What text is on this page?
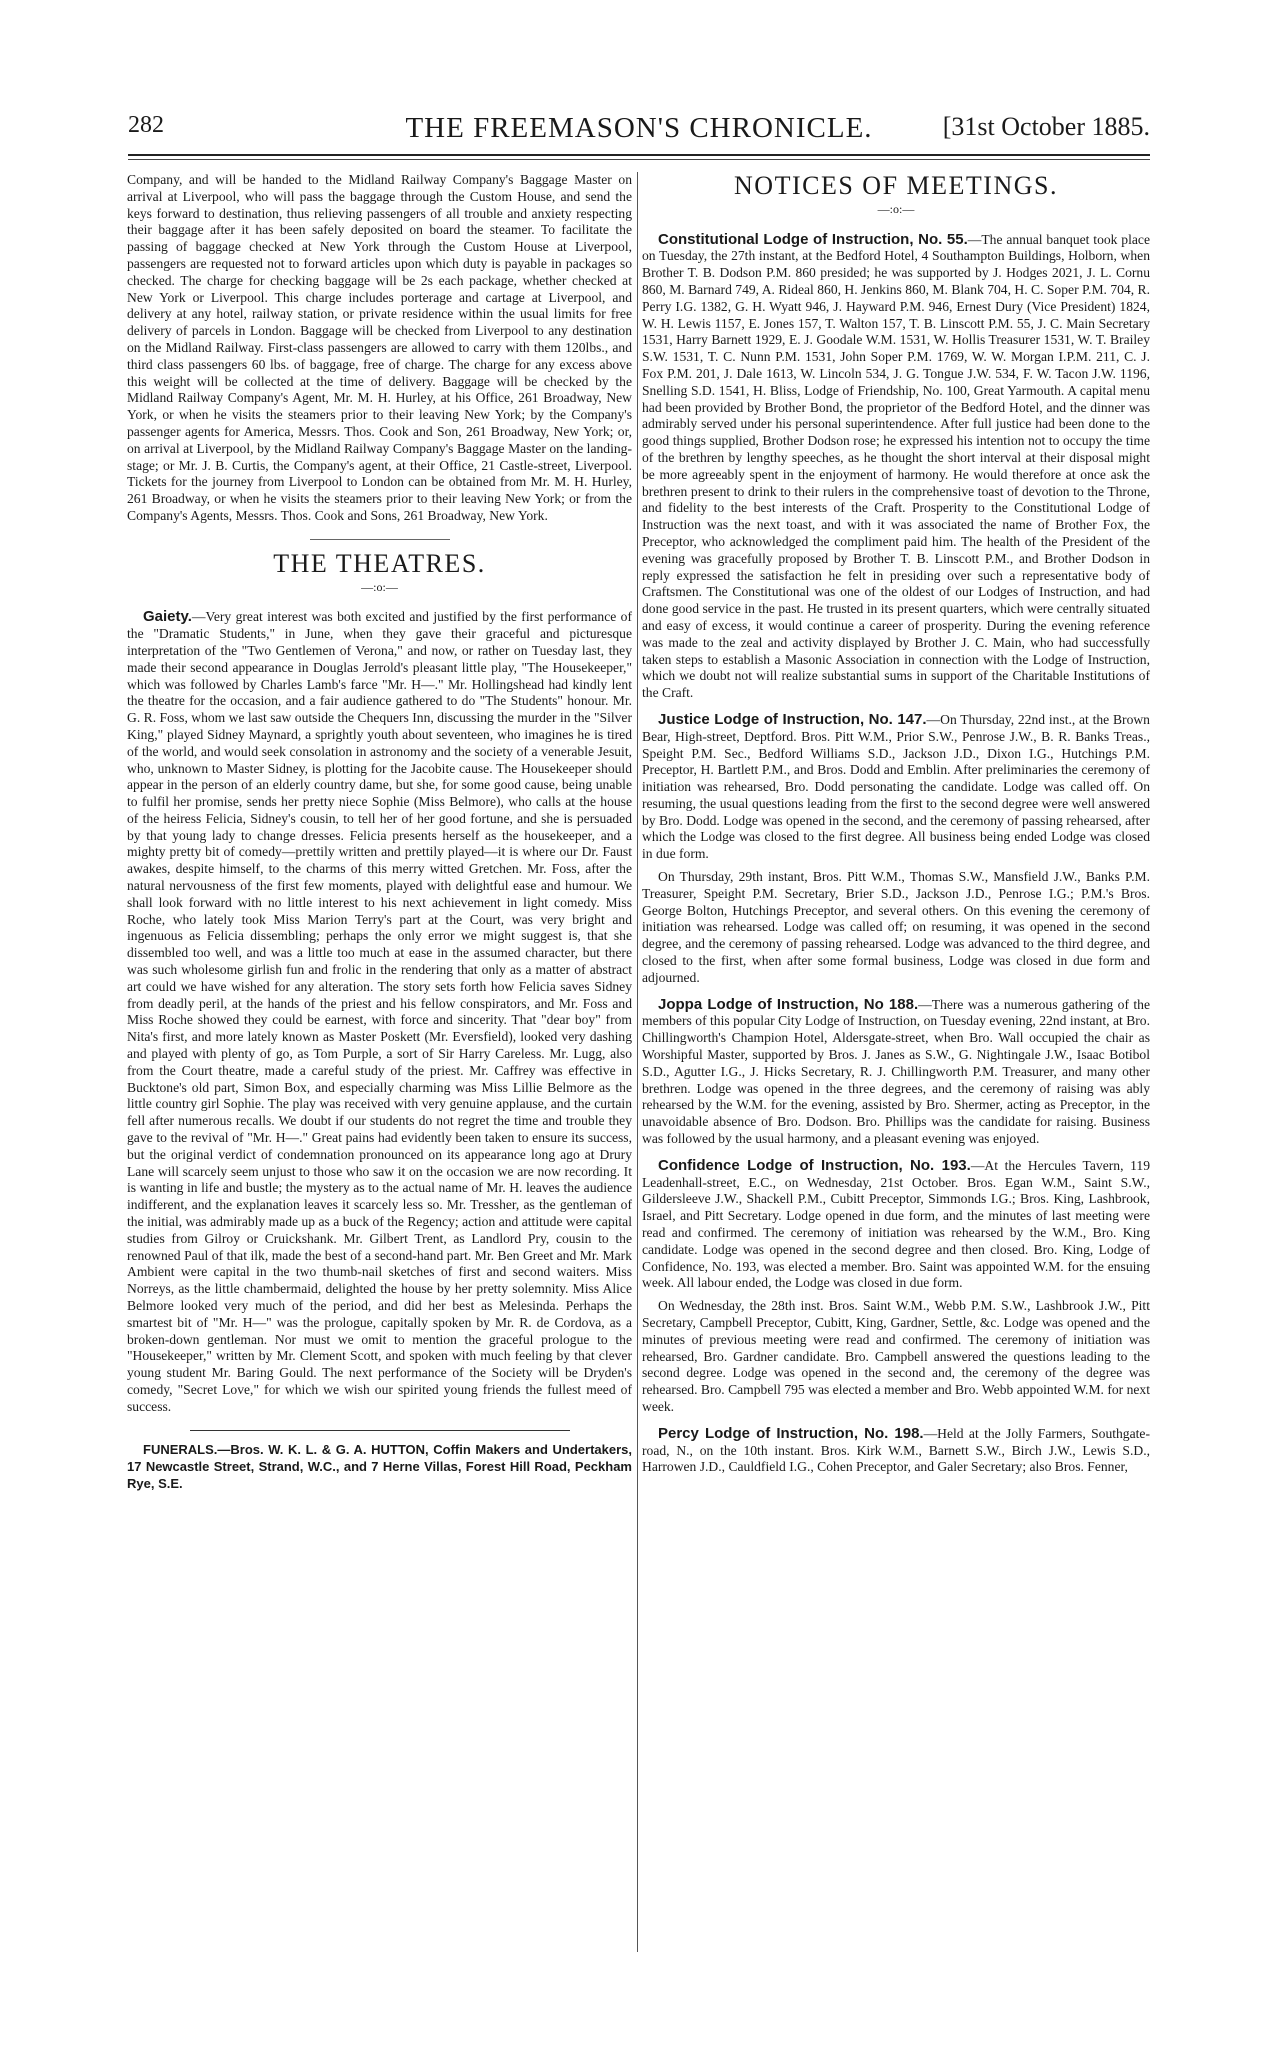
282	THE FREEMASON'S CHRONICLE.	[31st October 1885.

Company, and will be handed to the Midland Railway Company's Baggage Master on arrival at Liverpool, who will pass the baggage through the Custom House, and send the keys forward to destination, thus relieving passengers of all trouble and anxiety respecting their baggage after it has been safely deposited on board the steamer. To facilitate the passing of baggage checked at New York through the Custom House at Liverpool, passengers are requested not to forward articles upon which duty is payable in packages so checked. The charge for checking baggage will be 2s each package, whether checked at New York or Liverpool. This charge includes porterage and cartage at Liverpool, and delivery at any hotel, railway station, or private residence within the usual limits for free delivery of parcels in London. Baggage will be checked from Liverpool to any destination on the Midland Railway. First-class passengers are allowed to carry with them 120lbs., and third class passengers 60 lbs. of baggage, free of charge. The charge for any excess above this weight will be collected at the time of delivery. Baggage will be checked by the Midland Railway Company's Agent, Mr. M. H. Hurley, at his Office, 261 Broadway, New York, or when he visits the steamers prior to their leaving New York; by the Company's passenger agents for America, Messrs. Thos. Cook and Son, 261 Broadway, New York; or, on arrival at Liverpool, by the Midland Railway Company's Baggage Master on the landing-stage; or Mr. J. B. Curtis, the Company's agent, at their Office, 21 Castle-street, Liverpool. Tickets for the journey from Liverpool to London can be obtained from Mr. M. H. Hurley, 261 Broadway, or when he visits the steamers prior to their leaving New York; or from the Company's Agents, Messrs. Thos. Cook and Sons, 261 Broadway, New York.

THE THEATRES.
—:o:—

Gaiety.—Very great interest was both excited and justified by the first performance of the "Dramatic Students," in June, when they gave their graceful and picturesque interpretation of the "Two Gentlemen of Verona," and now, or rather on Tuesday last, they made their second appearance in Douglas Jerrold's pleasant little play, "The Housekeeper," which was followed by Charles Lamb's farce "Mr. H—." Mr. Hollingshead had kindly lent the theatre for the occasion, and a fair audience gathered to do "The Students" honour. Mr. G. R. Foss, whom we last saw outside the Chequers Inn, discussing the murder in the "Silver King," played Sidney Maynard, a sprightly youth about seventeen, who imagines he is tired of the world, and would seek consolation in astronomy and the society of a venerable Jesuit, who, unknown to Master Sidney, is plotting for the Jacobite cause. The Housekeeper should appear in the person of an elderly country dame, but she, for some good cause, being unable to fulfil her promise, sends her pretty niece Sophie (Miss Belmore), who calls at the house of the heiress Felicia, Sidney's cousin, to tell her of her good fortune, and she is persuaded by that young lady to change dresses. Felicia presents herself as the housekeeper, and a mighty pretty bit of comedy—prettily written and prettily played—it is where our Dr. Faust awakes, despite himself, to the charms of this merry witted Gretchen. Mr. Foss, after the natural nervousness of the first few moments, played with delightful ease and humour. We shall look forward with no little interest to his next achievement in light comedy. Miss Roche, who lately took Miss Marion Terry's part at the Court, was very bright and ingenuous as Felicia dissembling; perhaps the only error we might suggest is, that she dissembled too well, and was a little too much at ease in the assumed character, but there was such wholesome girlish fun and frolic in the rendering that only as a matter of abstract art could we have wished for any alteration. The story sets forth how Felicia saves Sidney from deadly peril, at the hands of the priest and his fellow conspirators, and Mr. Foss and Miss Roche showed they could be earnest, with force and sincerity. That "dear boy" from Nita's first, and more lately known as Master Poskett (Mr. Eversfield), looked very dashing and played with plenty of go, as Tom Purple, a sort of Sir Harry Careless. Mr. Lugg, also from the Court theatre, made a careful study of the priest. Mr. Caffrey was effective in Bucktone's old part, Simon Box, and especially charming was Miss Lillie Belmore as the little country girl Sophie. The play was received with very genuine applause, and the curtain fell after numerous recalls. We doubt if our students do not regret the time and trouble they gave to the revival of "Mr. H—." Great pains had evidently been taken to ensure its success, but the original verdict of condemnation pronounced on its appearance long ago at Drury Lane will scarcely seem unjust to those who saw it on the occasion we are now recording. It is wanting in life and bustle; the mystery as to the actual name of Mr. H. leaves the audience indifferent, and the explanation leaves it scarcely less so. Mr. Tressher, as the gentleman of the initial, was admirably made up as a buck of the Regency; action and attitude were capital studies from Gilroy or Cruickshank. Mr. Gilbert Trent, as Landlord Pry, cousin to the renowned Paul of that ilk, made the best of a second-hand part. Mr. Ben Greet and Mr. Mark Ambient were capital in the two thumb-nail sketches of first and second waiters. Miss Norreys, as the little chambermaid, delighted the house by her pretty solemnity. Miss Alice Belmore looked very much of the period, and did her best as Melesinda. Perhaps the smartest bit of "Mr. H—" was the prologue, capitally spoken by Mr. R. de Cordova, as a broken-down gentleman. Nor must we omit to mention the graceful prologue to the "Housekeeper," written by Mr. Clement Scott, and spoken with much feeling by that clever young student Mr. Baring Gould. The next performance of the Society will be Dryden's comedy, "Secret Love," for which we wish our spirited young friends the fullest meed of success.

FUNERALS.—Bros. W. K. L. & G. A. HUTTON, Coffin Makers and Undertakers, 17 Newcastle Street, Strand, W.C., and 7 Herne Villas, Forest Hill Road, Peckham Rye, S.E.

NOTICES OF MEETINGS.
—:o:—

Constitutional Lodge of Instruction, No. 55.—The annual banquet took place on Tuesday, the 27th instant, at the Bedford Hotel, 4 Southampton Buildings, Holborn, when Brother T. B. Dodson P.M. 860 presided; he was supported by J. Hodges 2021, J. L. Cornu 860, M. Barnard 749, A. Rideal 860, H. Jenkins 860, M. Blank 704, H. C. Soper P.M. 704, R. Perry I.G. 1382, G. H. Wyatt 946, J. Hayward P.M. 946, Ernest Dury (Vice President) 1824, W. H. Lewis 1157, E. Jones 157, T. Walton 157, T. B. Linscott P.M. 55, J. C. Main Secretary 1531, Harry Barnett 1929, E. J. Goodale W.M. 1531, W. Hollis Treasurer 1531, W. T. Brailey S.W. 1531, T. C. Nunn P.M. 1531, John Soper P.M. 1769, W. W. Morgan I.P.M. 211, C. J. Fox P.M. 201, J. Dale 1613, W. Lincoln 534, J. G. Tongue J.W. 534, F. W. Tacon J.W. 1196, Snelling S.D. 1541, H. Bliss, Lodge of Friendship, No. 100, Great Yarmouth. A capital menu had been provided by Brother Bond, the proprietor of the Bedford Hotel, and the dinner was admirably served under his personal superintendence. After full justice had been done to the good things supplied, Brother Dodson rose; he expressed his intention not to occupy the time of the brethren by lengthy speeches, as he thought the short interval at their disposal might be more agreeably spent in the enjoyment of harmony. He would therefore at once ask the brethren present to drink to their rulers in the comprehensive toast of devotion to the Throne, and fidelity to the best interests of the Craft. Prosperity to the Constitutional Lodge of Instruction was the next toast, and with it was associated the name of Brother Fox, the Preceptor, who acknowledged the compliment paid him. The health of the President of the evening was gracefully proposed by Brother T. B. Linscott P.M., and Brother Dodson in reply expressed the satisfaction he felt in presiding over such a representative body of Craftsmen. The Constitutional was one of the oldest of our Lodges of Instruction, and had done good service in the past. He trusted in its present quarters, which were centrally situated and easy of excess, it would continue a career of prosperity. During the evening reference was made to the zeal and activity displayed by Brother J. C. Main, who had successfully taken steps to establish a Masonic Association in connection with the Lodge of Instruction, which we doubt not will realize substantial sums in support of the Charitable Institutions of the Craft.

Justice Lodge of Instruction, No. 147.—On Thursday, 22nd inst., at the Brown Bear, High-street, Deptford. Bros. Pitt W.M., Prior S.W., Penrose J.W., B. R. Banks Treas., Speight P.M. Sec., Bedford Williams S.D., Jackson J.D., Dixon I.G., Hutchings P.M. Preceptor, H. Bartlett P.M., and Bros. Dodd and Emblin. After preliminaries the ceremony of initiation was rehearsed, Bro. Dodd personating the candidate. Lodge was called off. On resuming, the usual questions leading from the first to the second degree were well answered by Bro. Dodd. Lodge was opened in the second, and the ceremony of passing rehearsed, after which the Lodge was closed to the first degree. All business being ended Lodge was closed in due form.

On Thursday, 29th instant, Bros. Pitt W.M., Thomas S.W., Mansfield J.W., Banks P.M. Treasurer, Speight P.M. Secretary, Brier S.D., Jackson J.D., Penrose I.G.; P.M.'s Bros. George Bolton, Hutchings Preceptor, and several others. On this evening the ceremony of initiation was rehearsed. Lodge was called off; on resuming, it was opened in the second degree, and the ceremony of passing rehearsed. Lodge was advanced to the third degree, and closed to the first, when after some formal business, Lodge was closed in due form and adjourned.

Joppa Lodge of Instruction, No 188.—There was a numerous gathering of the members of this popular City Lodge of Instruction, on Tuesday evening, 22nd instant, at Bro. Chillingworth's Champion Hotel, Aldersgate-street, when Bro. Wall occupied the chair as Worshipful Master, supported by Bros. J. Janes as S.W., G. Nightingale J.W., Isaac Botibol S.D., Agutter I.G., J. Hicks Secretary, R. J. Chillingworth P.M. Treasurer, and many other brethren. Lodge was opened in the three degrees, and the ceremony of raising was ably rehearsed by the W.M. for the evening, assisted by Bro. Shermer, acting as Preceptor, in the unavoidable absence of Bro. Dodson. Bro. Phillips was the candidate for raising. Business was followed by the usual harmony, and a pleasant evening was enjoyed.

Confidence Lodge of Instruction, No. 193.—At the Hercules Tavern, 119 Leadenhall-street, E.C., on Wednesday, 21st October. Bros. Egan W.M., Saint S.W., Gildersleeve J.W., Shackell P.M., Cubitt Preceptor, Simmonds I.G.; Bros. King, Lashbrook, Israel, and Pitt Secretary. Lodge opened in due form, and the minutes of last meeting were read and confirmed. The ceremony of initiation was rehearsed by the W.M., Bro. King candidate. Lodge was opened in the second degree and then closed. Bro. King, Lodge of Confidence, No. 193, was elected a member. Bro. Saint was appointed W.M. for the ensuing week. All labour ended, the Lodge was closed in due form.

On Wednesday, the 28th inst. Bros. Saint W.M., Webb P.M. S.W., Lashbrook J.W., Pitt Secretary, Campbell Preceptor, Cubitt, King, Gardner, Settle, &c. Lodge was opened and the minutes of previous meeting were read and confirmed. The ceremony of initiation was rehearsed, Bro. Gardner candidate. Bro. Campbell answered the questions leading to the second degree. Lodge was opened in the second and, the ceremony of the degree was rehearsed. Bro. Campbell 795 was elected a member and Bro. Webb appointed W.M. for next week.

Percy Lodge of Instruction, No. 198.—Held at the Jolly Farmers, Southgate-road, N., on the 10th instant. Bros. Kirk W.M., Barnett S.W., Birch J.W., Lewis S.D., Harrowen J.D., Cauldfield I.G., Cohen Preceptor, and Galer Secretary; also Bros. Fenner,
